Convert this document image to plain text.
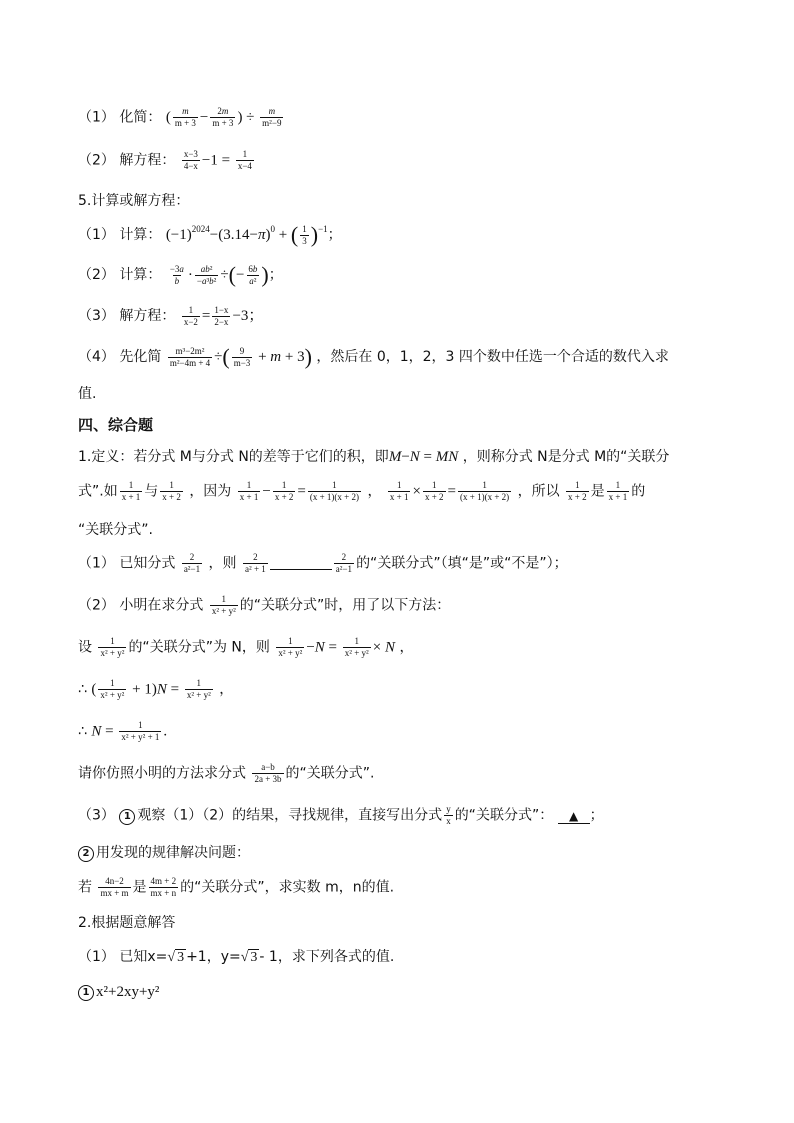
（1） 化简： ( $\frac{m}{m + 3} - \frac{2m}{m + 3}$ ) ÷ $\frac{m}{\text{m²−9}}$
（2） 解方程： $\frac{x-3}{4-x} -1 = \frac{1}{x-4}$
5.计算或解方程：
（1） 计算： $(-1)^{2024}-(3.14-\pi)^0$ + ( $\frac{1}{3} )^{-1}$；
（2） 计算： $\frac{-3a}{b} \cdot \frac{\text{ab²}}{\text{−a³b²}}$ ÷(− $\frac{6b}{\text{a²}}$ )；
（3） 解方程： $\frac{1}{x-2} = \frac{1-x}{2-x} -3$；
（4） 先化简 $\frac{\text{m³−2m²}}{\text{m²−4m + 4}}$ ÷( $\frac{9}{m-3} + m + 3$) ，然后在 0，1，2，3 四个数中任选一个合适的数代入求
值.
四、综合题
1.定义：若分式 M与分式 N的差等于它们的积，即M−N = MN ，则称分式 N是分式 M的“关联分
式”.如 $\frac{1}{x + 1}$ 与 $\frac{1}{x + 2}$ ，因为 $\frac{1}{x + 1} - \frac{1}{x + 2} = \frac{1}{(x + 1)(x + 2)}$ ， $\frac{1}{x + 1} \times \frac{1}{x + 2} = \frac{1}{(x + 1)(x + 2)}$ ，所以 $\frac{1}{x + 2}$ 是 $\frac{1}{x + 1}$ 的
“关联分式”.
（1） 已知分式 $\frac{2}{\text{a²−1}}$ ，则 $\frac{2}{\text{a² + 1}}$	$\frac{2}{\text{a²−1}}$ 的“关联分式”（填“是”或“不是”）；
（2） 小明在求分式 $\frac{1}{\text{x² + y²}}$ 的“关联分式”时，用了以下方法：
设 $\frac{1}{\text{x² + y²}}$ 的“关联分式”为 N，则 $\frac{1}{\text{x² + y²}} -N = \frac{1}{\text{x² + y²}} \times N$ ，
∴ ( $\frac{1}{\text{x² + y²}} + 1)N = \frac{1}{\text{x² + y²}}$ ，
∴ $N = \frac{1}{\text{x² + y² + 1}}$ .
请你仿照小明的方法求分式 $\frac{a-b}{2a + 3b}$ 的“关联分式”.
（3） 1 观察（1）（2）的结果，寻找规律，直接写出分式 $\frac{y}{x}$ 的“关联分式”： ▲ ；
2 用发现的规律解决问题：
若 $\frac{4n-2}{mx + m}$ 是 $\frac{4m + 2}{mx + n}$ 的“关联分式”，求实数 m，n的值.
2.根据题意解答
（1） 已知x=√ 3 +1，y=√ 3 - 1，求下列各式的值.
1 x²+2xy+y²
